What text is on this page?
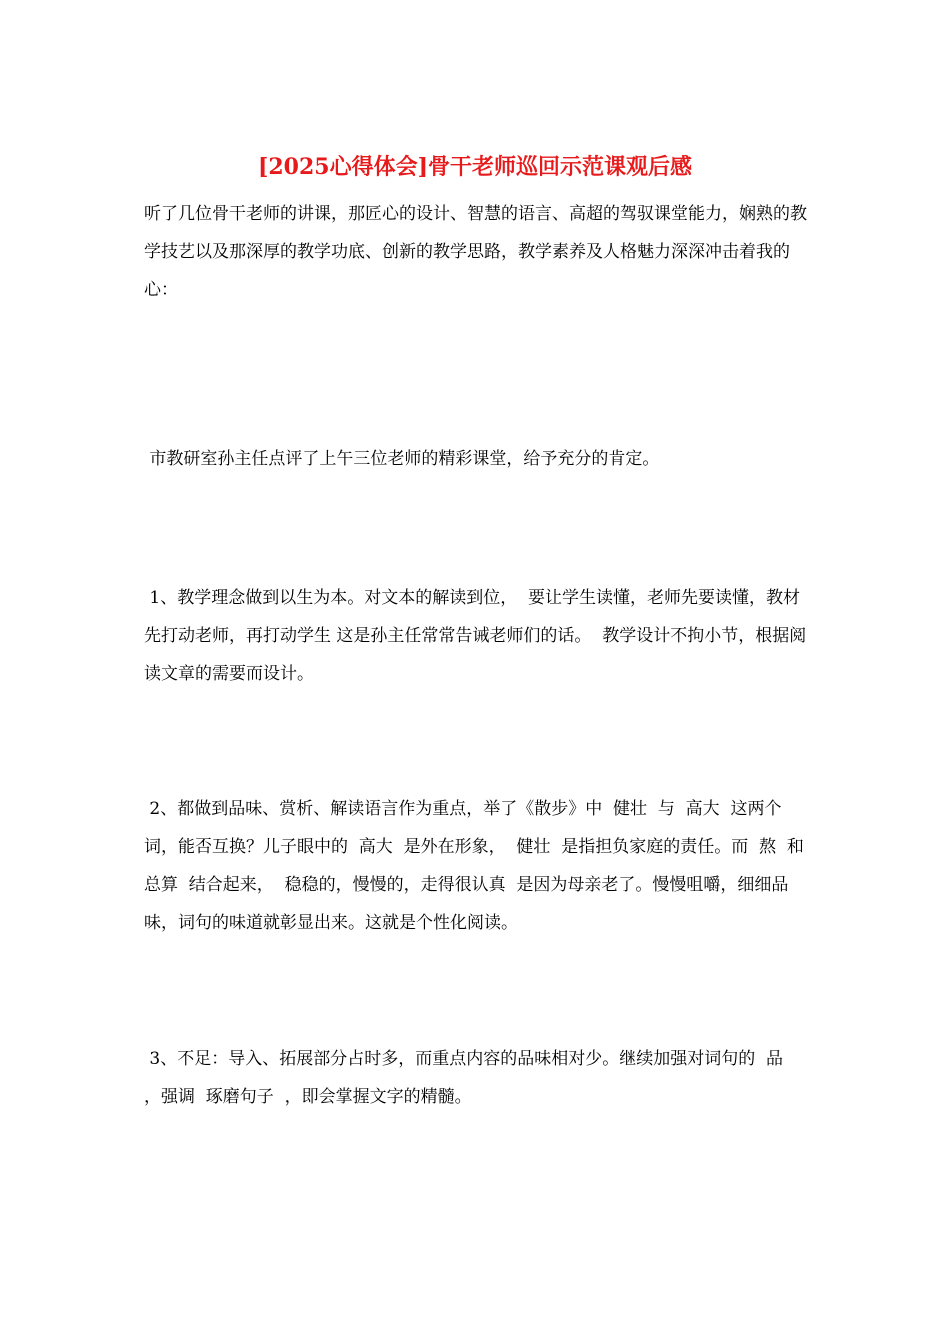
[2025心得体会]骨干老师巡回示范课观后感

听了几位骨干老师的讲课，那匠心的设计、智慧的语言、高超的驾驭课堂能力，娴熟的教学技艺以及那深厚的教学功底、创新的教学思路，教学素养及人格魅力深深冲击着我的心：

市教研室孙主任点评了上午三位老师的精彩课堂，给予充分的肯定。

1、教学理念做到以生为本。对文本的解读到位，  要让学生读懂，老师先要读懂，教材先打动老师，再打动学生 这是孙主任常常告诫老师们的话。  教学设计不拘小节，根据阅读文章的需要而设计。

2、都做到品味、赏析、解读语言作为重点，举了《散步》中  健壮  与  高大  这两个词，能否互换？儿子眼中的  高大  是外在形象，  健壮  是指担负家庭的责任。而  熬  和  总算  结合起来，  稳稳的，慢慢的，走得很认真  是因为母亲老了。慢慢咀嚼，细细品味，词句的味道就彰显出来。这就是个性化阅读。

3、不足：导入、拓展部分占时多，而重点内容的品味相对少。继续加强对词句的  品  ，强调  琢磨句子  ，即会掌握文字的精髓。
